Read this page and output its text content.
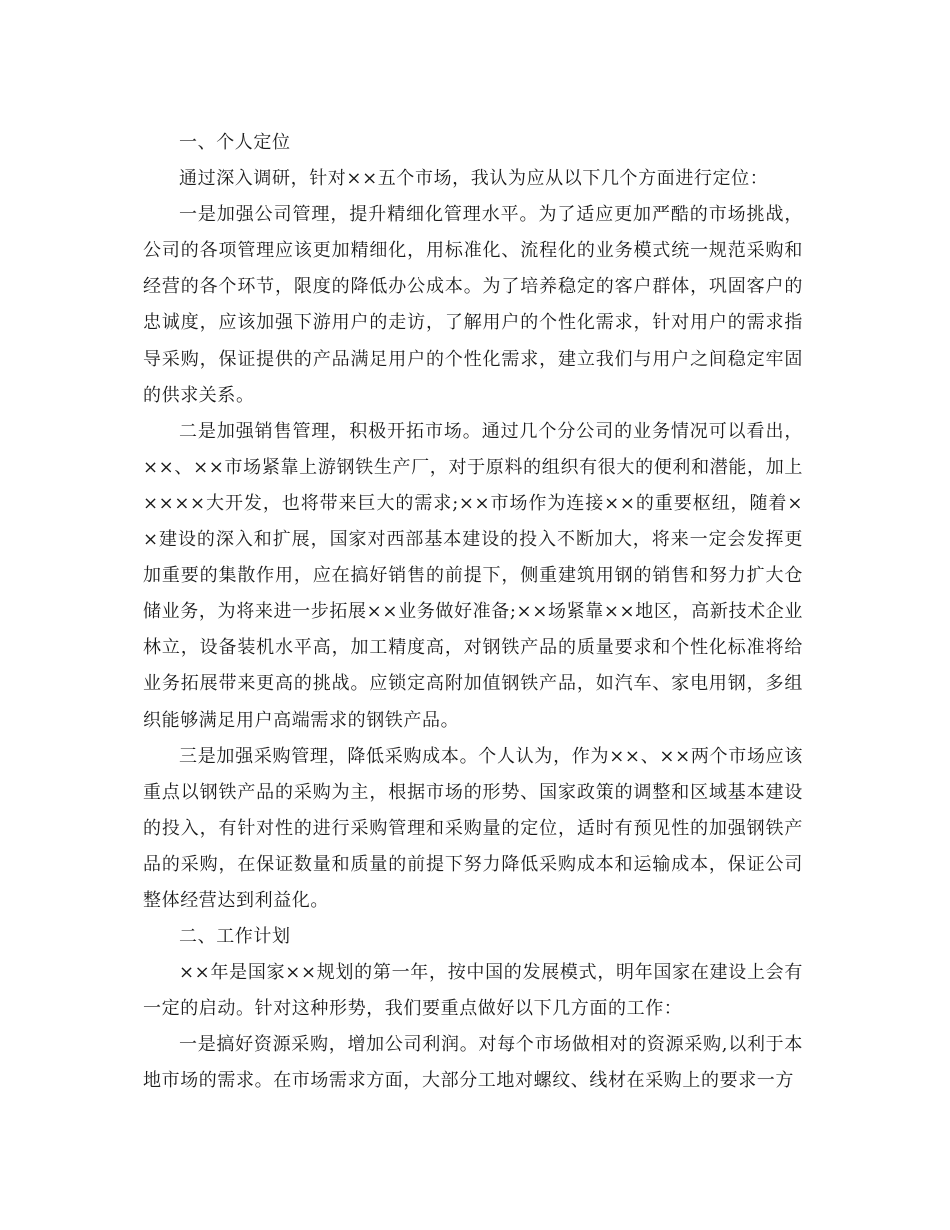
一、个人定位

通过深入调研，针对××五个市场，我认为应从以下几个方面进行定位：

一是加强公司管理，提升精细化管理水平。为了适应更加严酷的市场挑战，公司的各项管理应该更加精细化，用标准化、流程化的业务模式统一规范采购和经营的各个环节，限度的降低办公成本。为了培养稳定的客户群体，巩固客户的忠诚度，应该加强下游用户的走访，了解用户的个性化需求，针对用户的需求指导采购，保证提供的产品满足用户的个性化需求，建立我们与用户之间稳定牢固的供求关系。

二是加强销售管理，积极开拓市场。通过几个分公司的业务情况可以看出，××、××市场紧靠上游钢铁生产厂，对于原料的组织有很大的便利和潜能，加上××××大开发，也将带来巨大的需求;××市场作为连接××的重要枢纽，随着××建设的深入和扩展，国家对西部基本建设的投入不断加大，将来一定会发挥更加重要的集散作用，应在搞好销售的前提下，侧重建筑用钢的销售和努力扩大仓储业务，为将来进一步拓展××业务做好准备;××场紧靠××地区，高新技术企业林立，设备装机水平高，加工精度高，对钢铁产品的质量要求和个性化标准将给业务拓展带来更高的挑战。应锁定高附加值钢铁产品，如汽车、家电用钢，多组织能够满足用户高端需求的钢铁产品。

三是加强采购管理，降低采购成本。个人认为，作为××、××两个市场应该重点以钢铁产品的采购为主，根据市场的形势、国家政策的调整和区域基本建设的投入，有针对性的进行采购管理和采购量的定位，适时有预见性的加强钢铁产品的采购，在保证数量和质量的前提下努力降低采购成本和运输成本，保证公司整体经营达到利益化。

二、工作计划

××年是国家××规划的第一年，按中国的发展模式，明年国家在建设上会有一定的启动。针对这种形势，我们要重点做好以下几方面的工作：

一是搞好资源采购，增加公司利润。对每个市场做相对的资源采购,以利于本地市场的需求。在市场需求方面，大部分工地对螺纹、线材在采购上的要求一方
